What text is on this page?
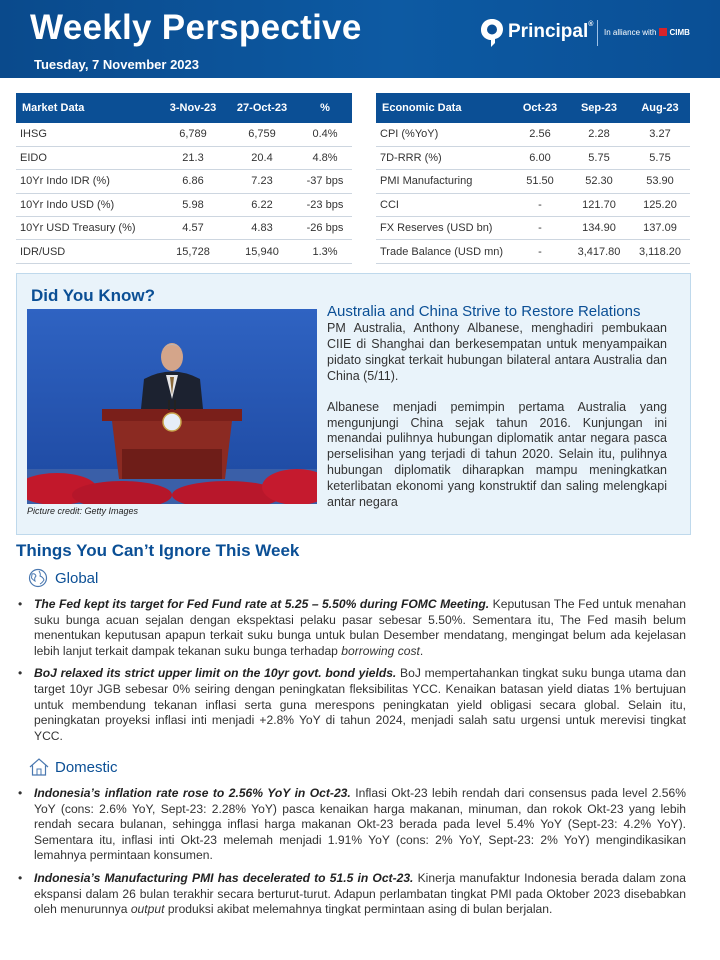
Weekly Perspective
Tuesday, 7 November 2023
Principal®
In alliance with CIMB
Market Data	3-Nov-23	27-Oct-23	%
IHSG	6,789	6,759	0.4%
EIDO	21.3	20.4	4.8%
10Yr Indo IDR (%)	6.86	7.23	-37 bps
10Yr Indo USD (%)	5.98	6.22	-23 bps
10Yr USD Treasury (%)	4.57	4.83	-26 bps
IDR/USD	15,728	15,940	1.3%
Economic Data	Oct-23	Sep-23	Aug-23
CPI (%YoY)	2.56	2.28	3.27
7D-RRR (%)	6.00	5.75	5.75
PMI Manufacturing	51.50	52.30	53.90
CCI	-	121.70	125.20
FX Reserves (USD bn)	-	134.90	137.09
Trade Balance (USD mn)	-	3,417.80	3,118.20
Did You Know?
Picture credit: Getty Images
Australia and China Strive to Restore Relations

PM Australia, Anthony Albanese, menghadiri pembukaan CIIE di Shanghai dan berkesempatan untuk menyampaikan pidato singkat terkait hubungan bilateral antara Australia dan China (5/11).

Albanese menjadi pemimpin pertama Australia yang mengunjungi China sejak tahun 2016. Kunjungan ini menandai pulihnya hubungan diplomatik antar negara pasca perselisihan yang terjadi di tahun 2020. Selain itu, pulihnya hubungan diplomatik diharapkan mampu meningkatkan keterlibatan ekonomi yang konstruktif dan saling melengkapi antar negara

Things You Can’t Ignore This Week
Global
• The Fed kept its target for Fed Fund rate at 5.25 – 5.50% during FOMC Meeting. Keputusan The Fed untuk menahan suku bunga acuan sejalan dengan ekspektasi pelaku pasar sebesar 5.50%. Sementara itu, The Fed masih belum menentukan keputusan apapun terkait suku bunga untuk bulan Desember mendatang, mengingat belum ada kejelasan lebih lanjut terkait dampak tekanan suku bunga terhadap borrowing cost.
• BoJ relaxed its strict upper limit on the 10yr govt. bond yields. BoJ mempertahankan tingkat suku bunga utama dan target 10yr JGB sebesar 0% seiring dengan peningkatan fleksibilitas YCC. Kenaikan batasan yield diatas 1% bertujuan untuk membendung tekanan inflasi serta guna merespons peningkatan yield obligasi secara global. Selain itu, peningkatan proyeksi inflasi inti menjadi +2.8% YoY di tahun 2024, menjadi salah satu urgensi untuk merevisi tingkat YCC.
Domestic
• Indonesia’s inflation rate rose to 2.56% YoY in Oct-23. Inflasi Okt-23 lebih rendah dari consensus pada level 2.56% YoY (cons: 2.6% YoY, Sept-23: 2.28% YoY) pasca kenaikan harga makanan, minuman, dan rokok Okt-23 yang lebih rendah secara bulanan, sehingga inflasi harga makanan Okt-23 berada pada level 5.4% YoY (Sept-23: 4.2% YoY). Sementara itu, inflasi inti Okt-23 melemah menjadi 1.91% YoY (cons: 2% YoY, Sept-23: 2% YoY) mengindikasikan lemahnya permintaan konsumen.
• Indonesia’s Manufacturing PMI has decelerated to 51.5 in Oct-23. Kinerja manufaktur Indonesia berada dalam zona ekspansi dalam 26 bulan terakhir secara berturut-turut. Adapun perlambatan tingkat PMI pada Oktober 2023 disebabkan oleh menurunnya output produksi akibat melemahnya tingkat permintaan asing di bulan berjalan.
